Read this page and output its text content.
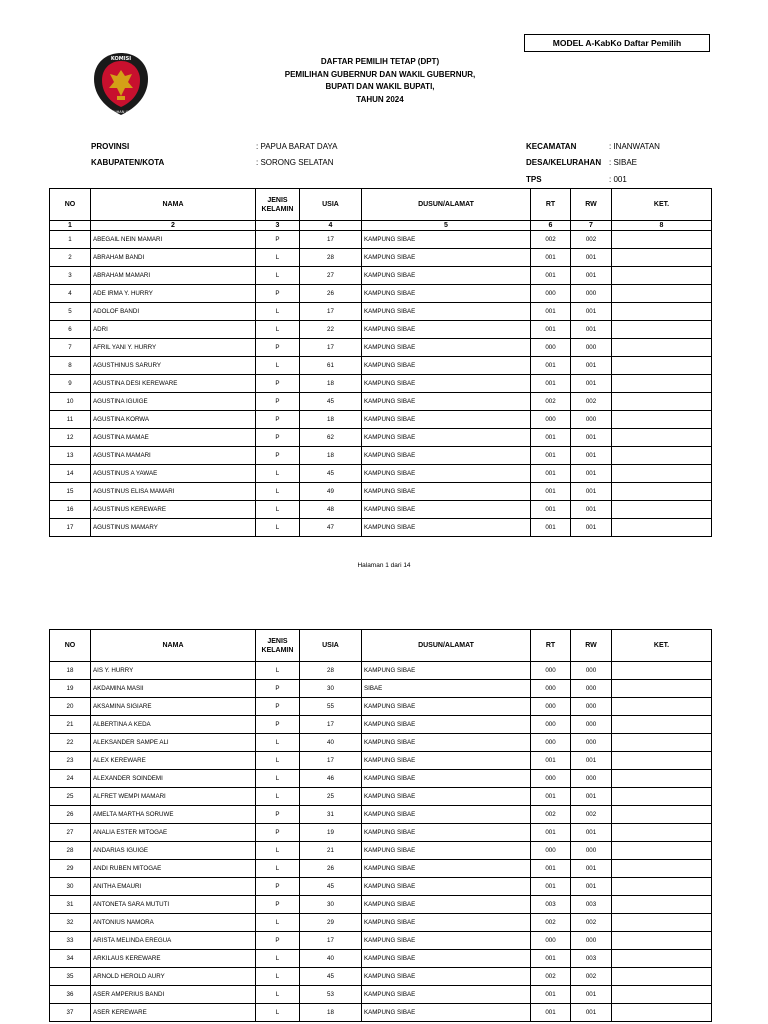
MODEL A-KabKo Daftar Pemilih
KOMISI
PEMILIHAN UMUM
DAFTAR PEMILIH TETAP (DPT)
PEMILIHAN GUBERNUR DAN WAKIL GUBERNUR,
BUPATI DAN WAKIL BUPATI,
TAHUN 2024
PROVINSI	: PAPUA BARAT DAYA
KABUPATEN/KOTA	: SORONG SELATAN
KECAMATAN	: INANWATAN
DESA/KELURAHAN : SIBAE
TPS	: 001
NO	NAMA	JENIS KELAMIN	USIA	DUSUN/ALAMAT	RT	RW	KET.
1	2	3	4	5	6	7	8
1	ABEGAIL NEIN MAMARI	P	17	KAMPUNG SIBAE	002	002	
2	ABRAHAM BANDI	L	28	KAMPUNG SIBAE	001	001	
3	ABRAHAM MAMARI	L	27	KAMPUNG SIBAE	001	001	
4	ADE IRMA Y. HURRY	P	26	KAMPUNG SIBAE	000	000	
5	ADOLOF BANDI	L	17	KAMPUNG SIBAE	001	001	
6	ADRI	L	22	KAMPUNG SIBAE	001	001	
7	AFRIL YANI Y. HURRY	P	17	KAMPUNG SIBAE	000	000	
8	AGUSTHINUS SARURY	L	61	KAMPUNG SIBAE	001	001	
9	AGUSTINA DESI KEREWARE	P	18	KAMPUNG SIBAE	001	001	
10	AGUSTINA IGUIGE	P	45	KAMPUNG SIBAE	002	002	
11	AGUSTINA KORWA	P	18	KAMPUNG SIBAE	000	000	
12	AGUSTINA MAMAE	P	62	KAMPUNG SIBAE	001	001	
13	AGUSTINA MAMARI	P	18	KAMPUNG SIBAE	001	001	
14	AGUSTINUS A YAWAE	L	45	KAMPUNG SIBAE	001	001	
15	AGUSTINUS ELISA MAMARI	L	49	KAMPUNG SIBAE	001	001	
16	AGUSTINUS KEREWARE	L	48	KAMPUNG SIBAE	001	001	
17	AGUSTINUS MAMARY	L	47	KAMPUNG SIBAE	001	001	
Halaman 1 dari 14
NO	NAMA	JENIS KELAMIN	USIA	DUSUN/ALAMAT	RT	RW	KET.
18	AIS Y. HURRY	L	28	KAMPUNG SIBAE	000	000	
19	AKDAMINA MASII	P	30	SIBAE	000	000	
20	AKSAMINA SIGIARE	P	55	KAMPUNG SIBAE	000	000	
21	ALBERTINA A KEDA	P	17	KAMPUNG SIBAE	000	000	
22	ALEKSANDER SAMPE ALI	L	40	KAMPUNG SIBAE	000	000	
23	ALEX KEREWARE	L	17	KAMPUNG SIBAE	001	001	
24	ALEXANDER SOINDEMI	L	46	KAMPUNG SIBAE	000	000	
25	ALFRET WEMPI MAMARI	L	25	KAMPUNG SIBAE	001	001	
26	AMELTA MARTHA SORUWE	P	31	KAMPUNG SIBAE	002	002	
27	ANALIA ESTER MITOGAE	P	19	KAMPUNG SIBAE	001	001	
28	ANDARIAS IGUIGE	L	21	KAMPUNG SIBAE	000	000	
29	ANDI RUBEN MITOGAE	L	26	KAMPUNG SIBAE	001	001	
30	ANITHA EMAURI	P	45	KAMPUNG SIBAE	001	001	
31	ANTONETA SARA MUTUTI	P	30	KAMPUNG SIBAE	003	003	
32	ANTONIUS NAMORA	L	29	KAMPUNG SIBAE	002	002	
33	ARISTA MELINDA EREGUA	P	17	KAMPUNG SIBAE	000	000	
34	ARKILAUS KEREWARE	L	40	KAMPUNG SIBAE	001	003	
35	ARNOLD HEROLD AURY	L	45	KAMPUNG SIBAE	002	002	
36	ASER AMPERIUS BANDI	L	53	KAMPUNG SIBAE	001	001	
37	ASER KEREWARE	L	18	KAMPUNG SIBAE	001	001	
